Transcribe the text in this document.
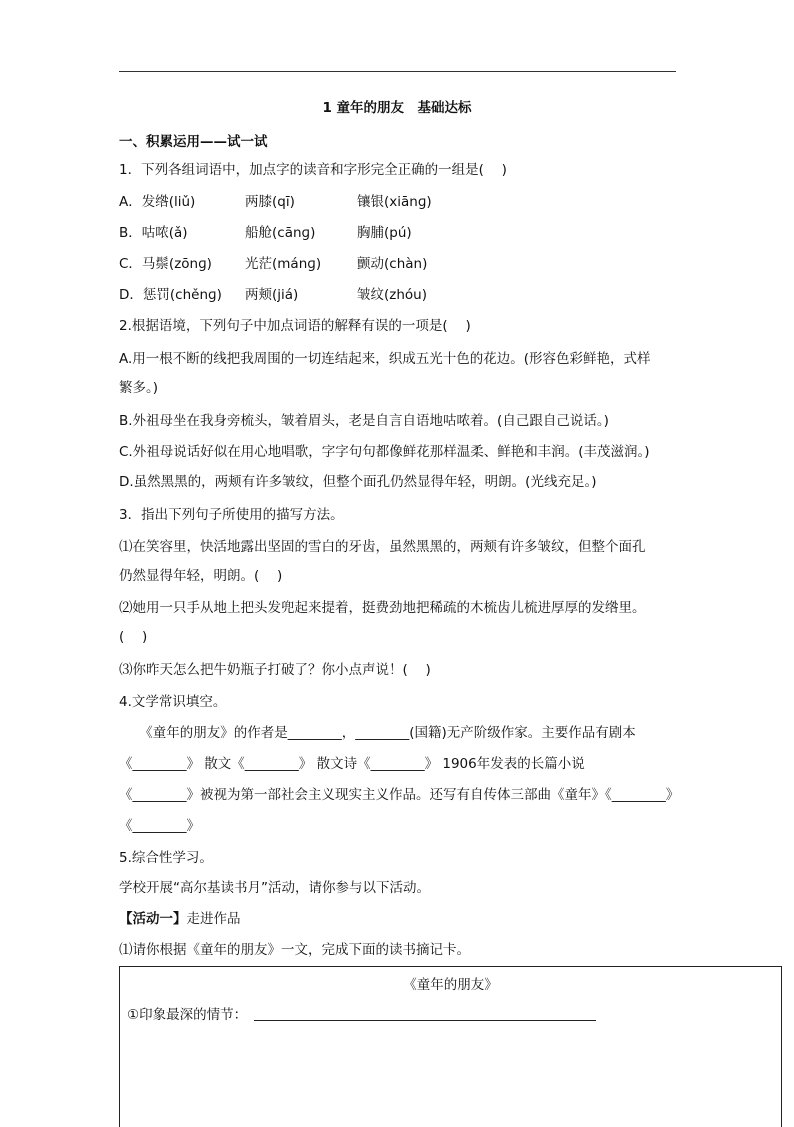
1 童年的朋友　基础达标
一、积累运用——试一试
1．下列各组词语中，加点字的读音和字形完全正确的一组是(　 )
A．发绺(liǔ)	两膝(qī)	镶银(xiānɡ)
B．咕哝(ǎ)	船舱(cānɡ)	胸脯(pú)
C．马鬃(zōnɡ) 光茫(mánɡ)	颤动(chàn)
D．惩罚(chěnɡ) 两颊(jiá)	皱纹(zhóu)
2.根据语境，下列句子中加点词语的解释有误的一项是(　 )
A.用一根不断的线把我周围的一切连结起来，织成五光十色的花边。(形容色彩鲜艳，式样
繁多。)
B.外祖母坐在我身旁梳头，皱着眉头，老是自言自语地咕哝着。(自己跟自己说话。)
C.外祖母说话好似在用心地唱歌，字字句句都像鲜花那样温柔、鲜艳和丰润。(丰茂滋润。)
D.虽然黑黑的，两颊有许多皱纹，但整个面孔仍然显得年轻，明朗。(光线充足。)
3．指出下列句子所使用的描写方法。
⑴在笑容里，快活地露出坚固的雪白的牙齿，虽然黑黑的，两颊有许多皱纹，但整个面孔
仍然显得年轻，明朗。(　 )
⑵她用一只手从地上把头发兜起来提着，挺费劲地把稀疏的木梳齿儿梳进厚厚的发绺里。
(　 )
⑶你昨天怎么把牛奶瓶子打破了？你小点声说！(　 )
4.文学常识填空。
　　《童年的朋友》的作者是________，________(国籍)无产阶级作家。主要作品有剧本
《________》 散文《________》 散文诗《________》 1906年发表的长篇小说
《________》被视为第一部社会主义现实主义作品。还写有自传体三部曲《童年》《________》
《________》
5.综合性学习。
学校开展“高尔基读书月”活动，请你参与以下活动。
【活动一】走进作品
⑴请你根据《童年的朋友》一文，完成下面的读书摘记卡。
《童年的朋友》
①印象最深的情节：
